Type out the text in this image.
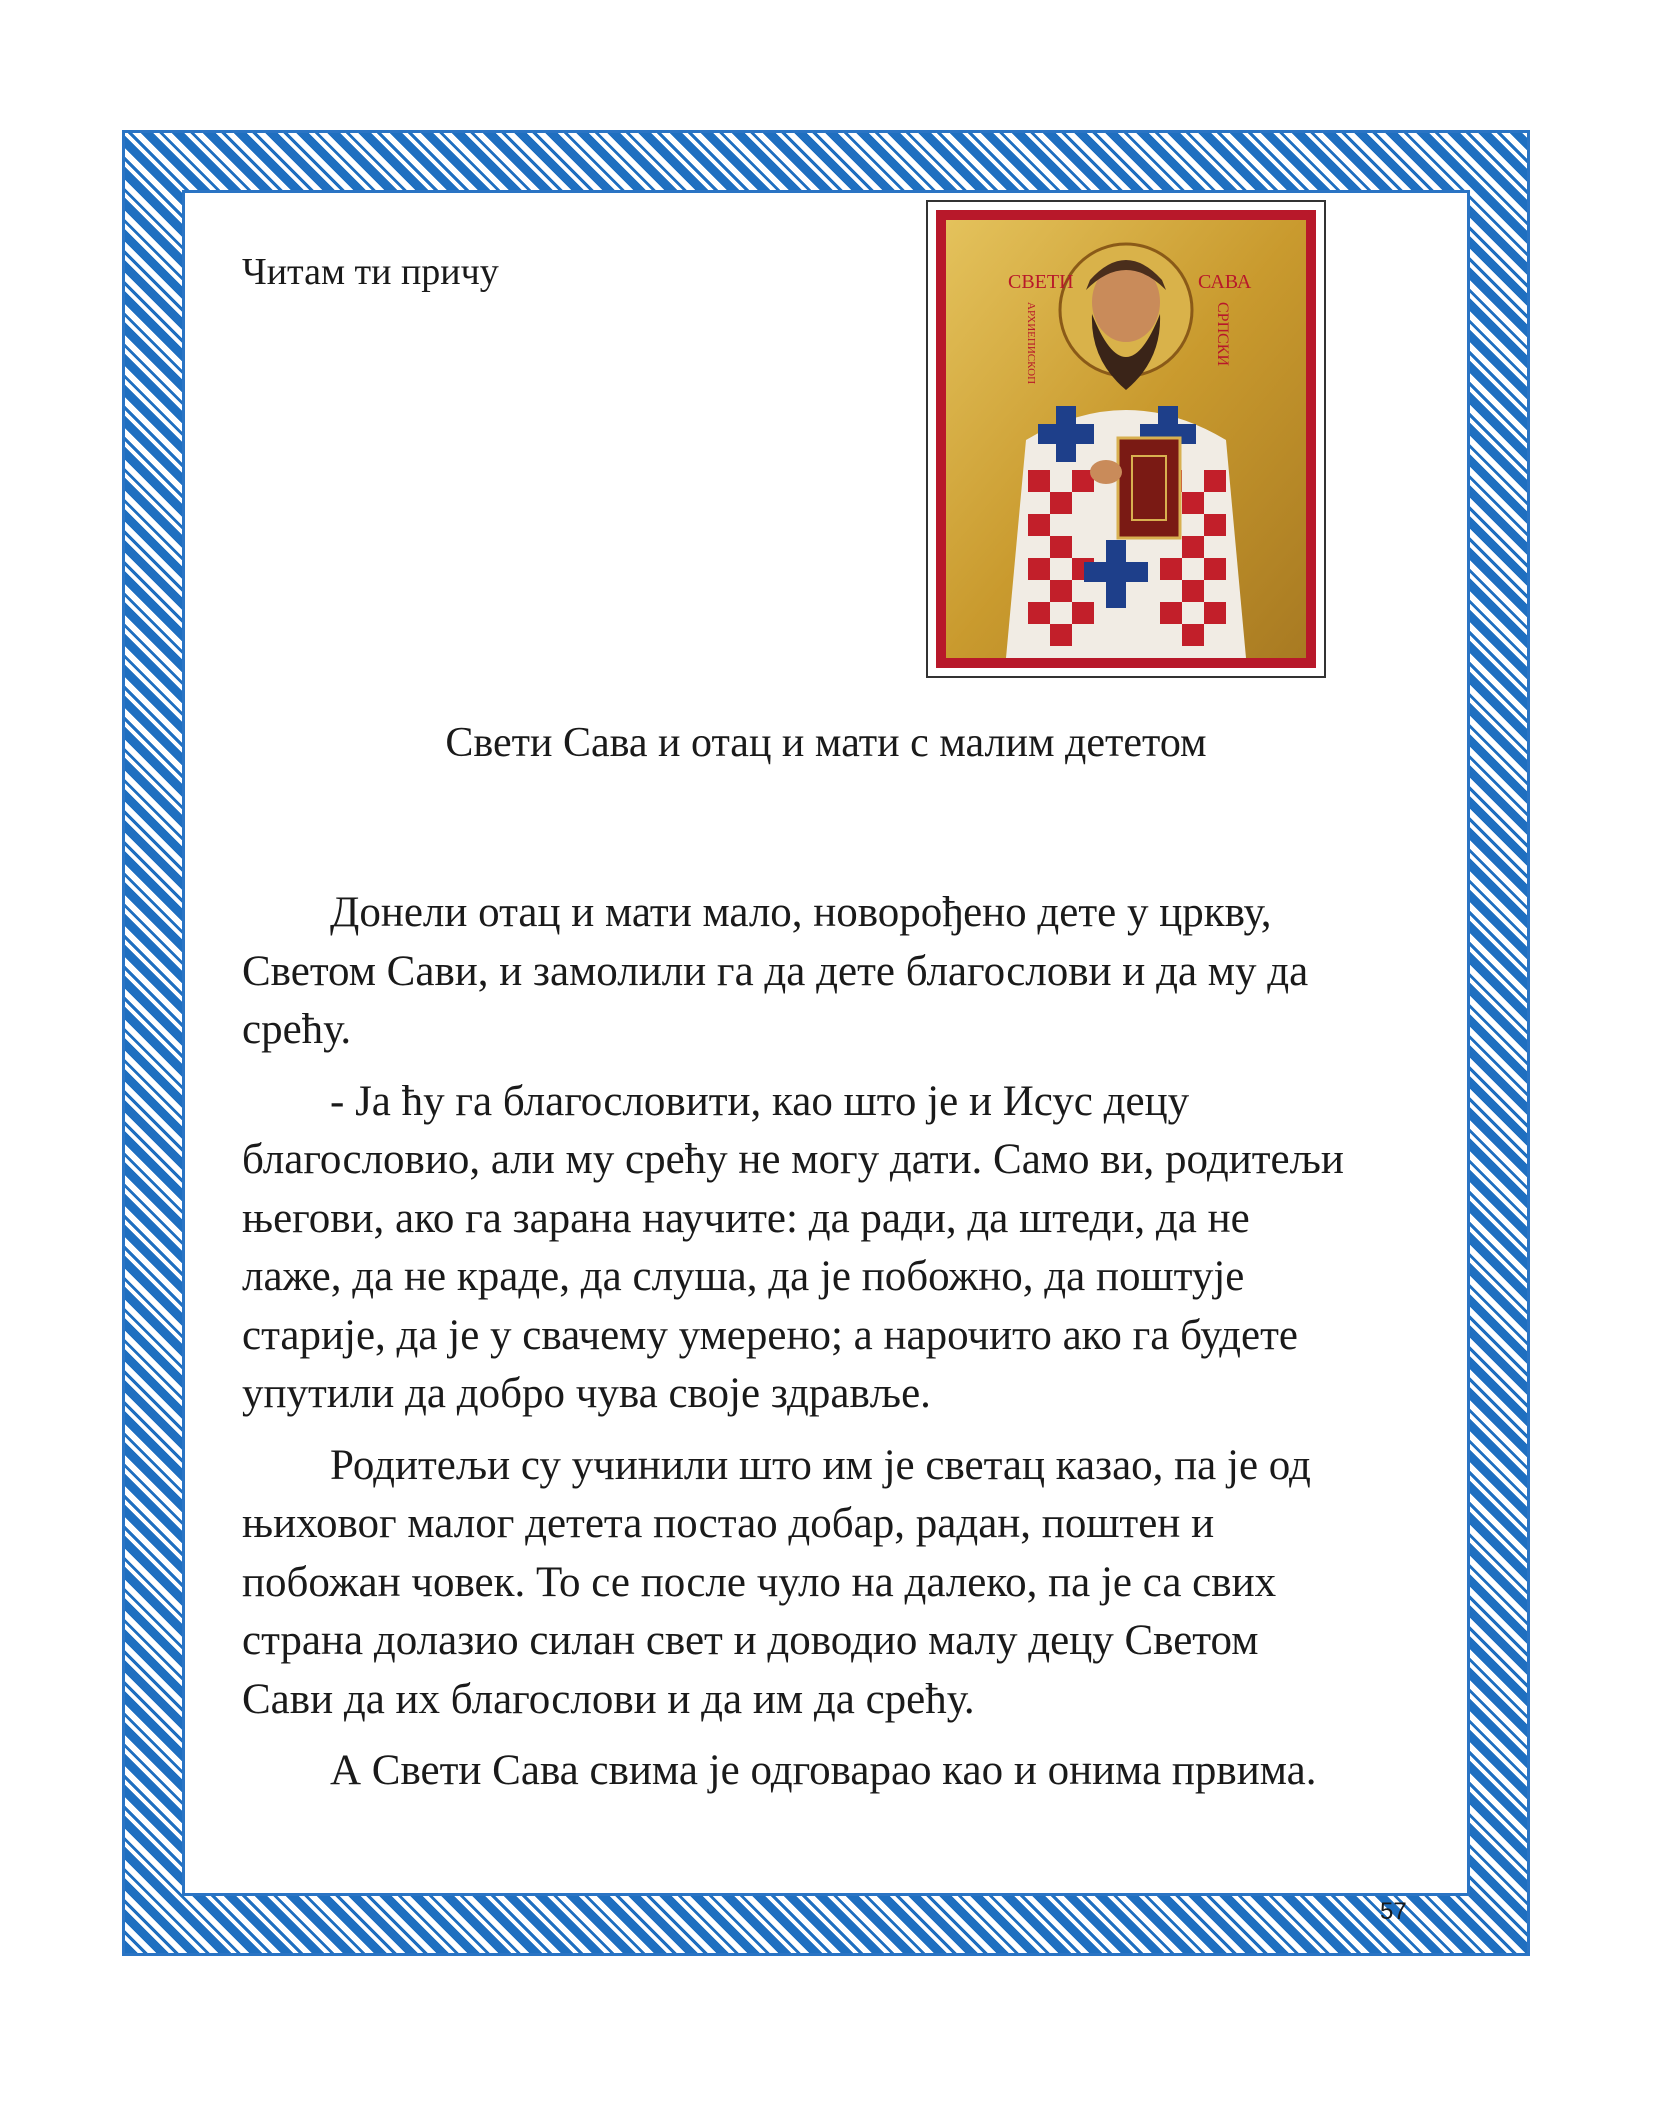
Читам ти причу	СВЕТИ	САВА
АРХИЕПИСКОП	СРПСКИ
Свети Сава и отац и мати с малим дететом

Донели отац и мати мало, новорођено дете у цркву,
Светом Сави, и замолили га да дете благослови и да му да
срећу.

- Ја ћу га благословити, као што је и Исус децу
благословио, али му срећу не могу дати. Само ви, родитељи
његови, ако га зарана научите: да ради, да штеди, да не
лаже, да не краде, да слуша, да је побожно, да поштује
старије, да је у свачему умерено; а нарочито ако га будете
упутили да добро чува своје здравље.

Родитељи су учинили што им је светац казао, па је од
њиховог малог детета постао добар, радан, поштен и
побожан човек. То се после чуло на далеко, па је са свих
страна долазио силан свет и доводио малу децу Светом
Сави да их благослови и да им да срећу.

А Свети Сава свима је одговарао као и онима првима.

57
